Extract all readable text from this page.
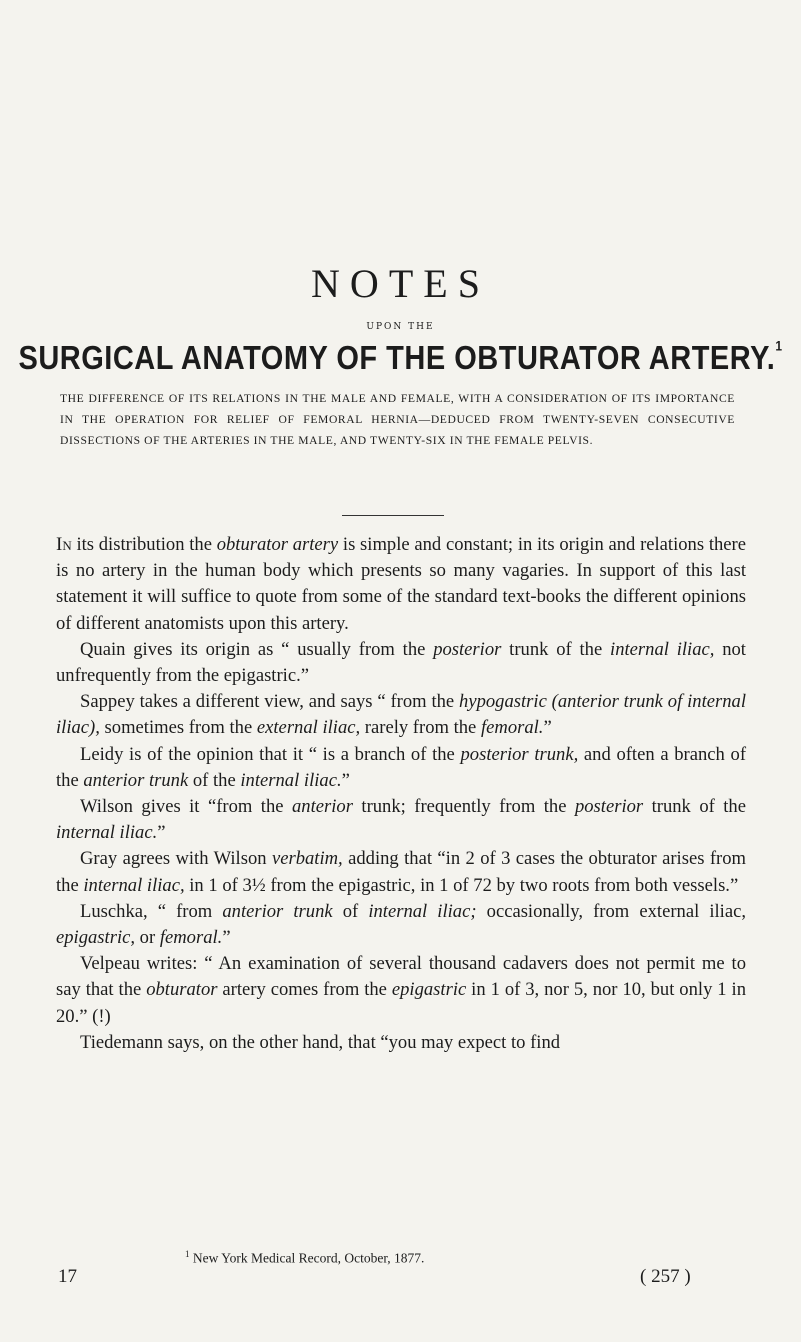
NOTES
UPON THE
SURGICAL ANATOMY OF THE OBTURATOR ARTERY.$^1$
THE DIFFERENCE OF ITS RELATIONS IN THE MALE AND FEMALE, WITH A CONSIDERATION OF ITS IMPORTANCE IN THE OPERATION FOR RELIEF OF FEMORAL HERNIA—DEDUCED FROM TWENTY-SEVEN CONSECUTIVE DISSECTIONS OF THE ARTERIES IN THE MALE, AND TWENTY-SIX IN THE FEMALE PELVIS.

In its distribution the obturator artery is simple and constant; in its origin and relations there is no artery in the human body which presents so many vagaries. In support of this last statement it will suffice to quote from some of the standard text-books the different opinions of different anatomists upon this artery.

Quain gives its origin as “ usually from the posterior trunk of the internal iliac, not unfrequently from the epigastric.”

Sappey takes a different view, and says “ from the hypogastric (anterior trunk of internal iliac), sometimes from the external iliac, rarely from the femoral.”

Leidy is of the opinion that it “ is a branch of the posterior trunk, and often a branch of the anterior trunk of the internal iliac.”

Wilson gives it “from the anterior trunk; frequently from the posterior trunk of the internal iliac.”

Gray agrees with Wilson verbatim, adding that “in 2 of 3 cases the obturator arises from the internal iliac, in 1 of 3½ from the epigastric, in 1 of 72 by two roots from both vessels.”

Luschka, “ from anterior trunk of internal iliac; occasionally, from external iliac, epigastric, or femoral.”

Velpeau writes: “ An examination of several thousand cadavers does not permit me to say that the obturator artery comes from the epigastric in 1 of 3, nor 5, nor 10, but only 1 in 20.” (!)

Tiedemann says, on the other hand, that “you may expect to find

$^1$ New York Medical Record, October, 1877.
17	( 257 )
